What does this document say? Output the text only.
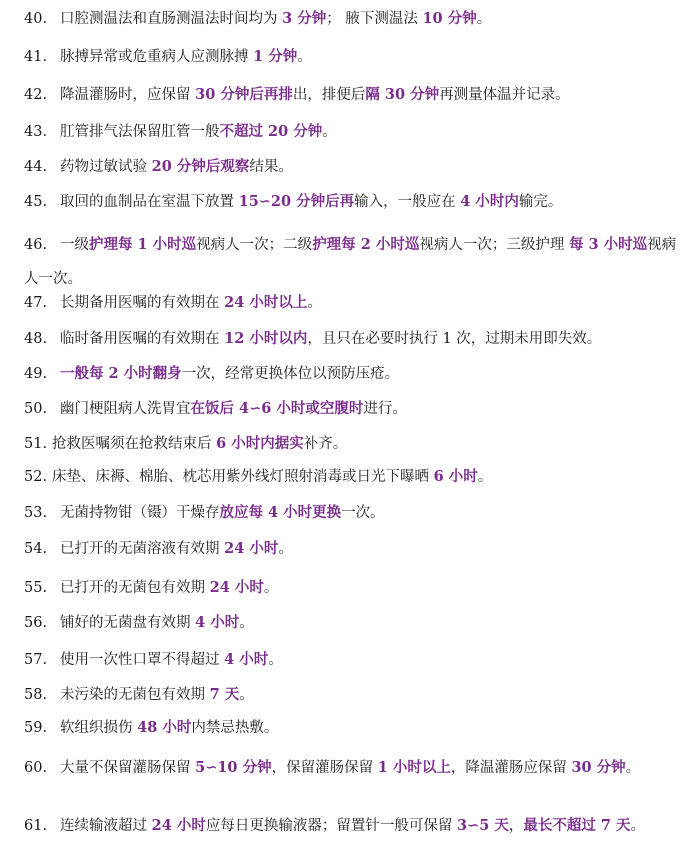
40. 口腔测温法和直肠测温法时间均为 3 分钟； 腋下测温法 10 分钟。
41. 脉搏异常或危重病人应测脉搏 1 分钟。
42. 降温灌肠时，应保留 30 分钟后再排出，排便后隔 30 分钟再测量体温并记录。
43. 肛管排气法保留肛管一般不超过 20 分钟。
44. 药物过敏试验 20 分钟后观察结果。
45. 取回的血制品在室温下放置 15∽20 分钟后再输入，一般应在 4 小时内输完。
46. 一级护理每 1 小时巡视病人一次；二级护理每 2 小时巡视病人一次；三级护理 每 3 小时巡视病人一次。
47. 长期备用医嘱的有效期在 24 小时以上。
48. 临时备用医嘱的有效期在 12 小时以内，且只在必要时执行 1 次，过期未用即失效。
49. 一般每 2 小时翻身一次，经常更换体位以预防压疮。
50. 幽门梗阻病人洗胃宜在饭后 4∽6 小时或空腹时进行。
51. 抢救医嘱须在抢救结束后 6 小时内据实补齐。
52. 床垫、床褥、棉胎、枕芯用紫外线灯照射消毒或日光下曝晒 6 小时。
53. 无菌持物钳（镊）干燥存放应每 4 小时更换一次。
54. 已打开的无菌溶液有效期 24 小时。
55. 已打开的无菌包有效期 24 小时。
56. 铺好的无菌盘有效期 4 小时。
57. 使用一次性口罩不得超过 4 小时。
58. 未污染的无菌包有效期 7 天。
59. 软组织损伤 48 小时内禁忌热敷。
60. 大量不保留灌肠保留 5∽10 分钟，保留灌肠保留 1 小时以上，降温灌肠应保留 30 分钟。
61. 连续输液超过 24 小时应每日更换输液器；留置针一般可保留 3∽5 天，最长不超过 7 天。
